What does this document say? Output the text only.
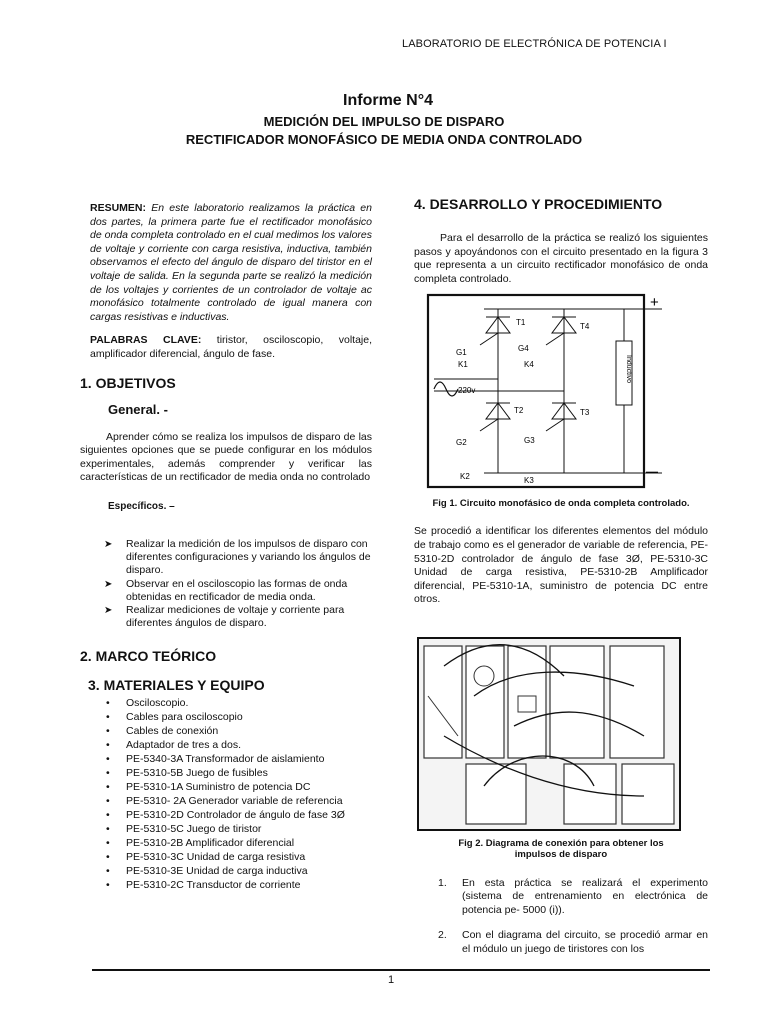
LABORATORIO DE ELECTRÓNICA DE POTENCIA I
Informe N°4
MEDICIÓN DEL IMPULSO DE DISPARO
RECTIFICADOR MONOFÁSICO DE MEDIA ONDA CONTROLADO
RESUMEN: En este laboratorio realizamos la práctica en dos partes, la primera parte fue el rectificador monofásico de onda completa controlado en el cual medimos los valores de voltaje y corriente con carga resistiva, inductiva, también observamos el efecto del ángulo de disparo del tiristor en el voltaje de salida. En la segunda parte se realizó la medición de los voltajes y corrientes de un controlador de voltaje ac monofásico totalmente controlado de igual manera con cargas resistivas e inductivas.
PALABRAS CLAVE: tiristor, osciloscopio, voltaje, amplificador diferencial, ángulo de fase.
1. OBJETIVOS
General. -
Aprender cómo se realiza los impulsos de disparo de las siguientes opciones que se puede configurar en los módulos experimentales, además comprender y verificar las características de un rectificador de media onda no controlado
Específicos. –
➤ Realizar la medición de los impulsos de disparo con diferentes configuraciones y variando los ángulos de disparo.
➤ Observar en el osciloscopio las formas de onda obtenidas en rectificador de media onda.
➤ Realizar mediciones de voltaje y corriente para diferentes ángulos de disparo.
2. MARCO TEÓRICO
3. MATERIALES Y EQUIPO
• Osciloscopio.
• Cables para osciloscopio
• Cables de conexión
• Adaptador de tres a dos.
• PE-5340-3A Transformador de aislamiento
• PE-5310-5B Juego de fusibles
• PE-5310-1A Suministro de potencia DC
• PE-5310- 2A Generador variable de referencia
• PE-5310-2D Controlador de ángulo de fase 3Ø
• PE-5310-5C Juego de tiristor
• PE-5310-2B Amplificador diferencial
• PE-5310-3C Unidad de carga resistiva
• PE-5310-3E Unidad de carga inductiva
• PE-5310-2C Transductor de corriente
4. DESARROLLO Y PROCEDIMIENTO
Para el desarrollo de la práctica se realizó los siguientes pasos y apoyándonos con el circuito presentado en la figura 3 que representa a un circuito rectificador monofásico de onda completa controlado.
T1	T4
T2	T3
G1	G4
G2	G3
K1	K4
K2	K3
220v
Inductivo
+
—
Fig 1. Circuito monofásico de onda completa controlado.
Se procedió a identificar los diferentes elementos del módulo de trabajo como es el generador de variable de referencia, PE-5310-2D controlador de ángulo de fase 3Ø, PE-5310-3C Unidad de carga resistiva, PE-5310-2B Amplificador diferencial, PE-5310-1A, suministro de potencia DC entre otros.
Fig 2. Diagrama de conexión para obtener los impulsos de disparo
1. En esta práctica se realizará el experimento (sistema de entrenamiento en electrónica de potencia pe- 5000 (i)).
2. Con el diagrama del circuito, se procedió armar en el módulo un juego de tiristores con los
1
